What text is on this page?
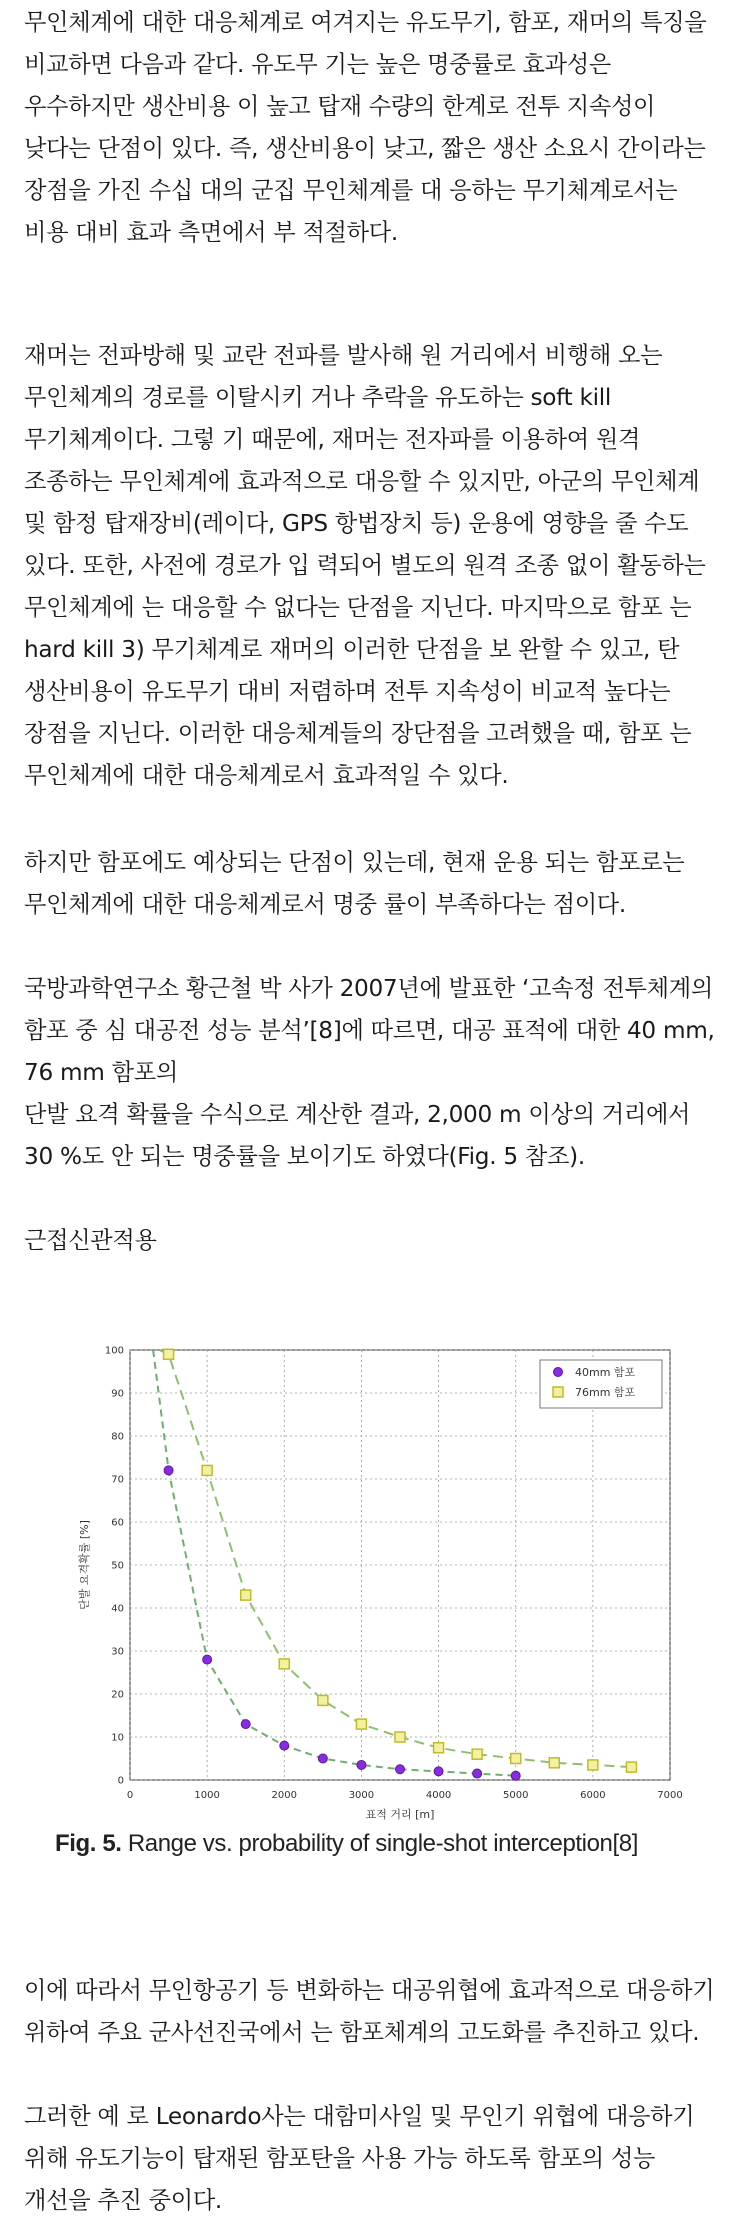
무인체계에 대한 대응체계로 여겨지는 유도무기, 함포, 재머의 특징을 비교하면 다음과 같다. 유도무 기는 높은 명중률로 효과성은 우수하지만 생산비용 이 높고 탑재 수량의 한계로 전투 지속성이 낮다는 단점이 있다. 즉, 생산비용이 낮고, 짧은 생산 소요시 간이라는 장점을 가진 수십 대의 군집 무인체계를 대 응하는 무기체계로서는 비용 대비 효과 측면에서 부 적절하다.

재머는 전파방해 및 교란 전파를 발사해 원 거리에서 비행해 오는 무인체계의 경로를 이탈시키 거나 추락을 유도하는 soft kill 무기체계이다. 그렇 기 때문에, 재머는 전자파를 이용하여 원격 조종하는 무인체계에 효과적으로 대응할 수 있지만, 아군의 무인체계 및 함정 탑재장비(레이다, GPS 항법장치 등) 운용에 영향을 줄 수도 있다. 또한, 사전에 경로가 입 력되어 별도의 원격 조종 없이 활동하는 무인체계에 는 대응할 수 없다는 단점을 지닌다. 마지막으로 함포 는 hard kill 3) 무기체계로 재머의 이러한 단점을 보 완할 수 있고, 탄 생산비용이 유도무기 대비 저렴하며 전투 지속성이 비교적 높다는 장점을 지닌다. 이러한 대응체계들의 장단점을 고려했을 때, 함포 는 무인체계에 대한 대응체계로서 효과적일 수 있다.

하지만 함포에도 예상되는 단점이 있는데, 현재 운용 되는 함포로는 무인체계에 대한 대응체계로서 명중 률이 부족하다는 점이다.

국방과학연구소 황근철 박 사가 2007년에 발표한 ‘고속정 전투체계의 함포 중 심 대공전 성능 분석’[8]에 따르면, 대공 표적에 대한 40 mm, 76 mm 함포의

단발 요격 확률을 수식으로 계산한 결과, 2,000 m 이상의 거리에서 30 %도 안 되는 명중률을 보이기도 하였다(Fig. 5 참조).

근접신관적용

0	1000	2000	3000	4000	5000	6000	7000
0
10
20
30
40
50
60
70
80
90
100
표적 거리 [m]
단발 요격확률 [%]
40mm 함포
76mm 함포
Fig. 5. Range vs. probability of single-shot interception[8]

이에 따라서 무인항공기 등 변화하는 대공위협에 효과적으로 대응하기 위하여 주요 군사선진국에서 는 함포체계의 고도화를 추진하고 있다.

그러한 예 로 Leonardo사는 대함미사일 및 무인기 위협에 대응하기 위해 유도기능이 탑재된 함포탄을 사용 가능 하도록 함포의 성능 개선을 추진 중이다.
